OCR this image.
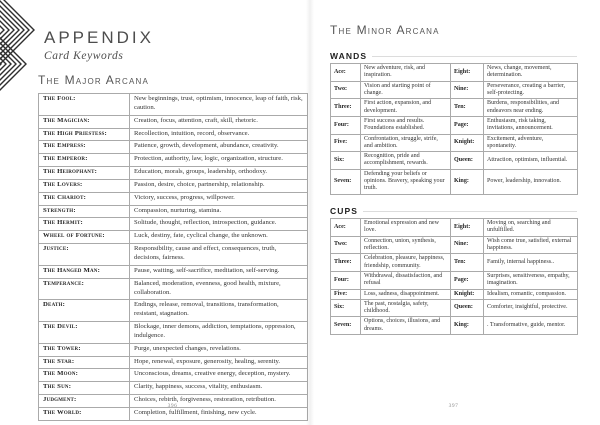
APPENDIX
Card Keywords
The Major Arcana
The Fool:	New beginnings, trust, optimism, innocence, leap of faith, risk, caution.
The Magician:	Creation, focus, attention, craft, skill, rhetoric.
The High Priestess:	Recollection, intuition, record, observance.
The Empress:	Patience, growth, development, abundance, creativity.
The Emperor:	Protection, authority, law, logic, organization, structure.
The Heirophant:	Education, morals, groups, leadership, orthodoxy.
The Lovers:	Passion, desire, choice, partnership, relationship.
The Chariot:	Victory, success, progress, willpower.
Strength:	Compassion, nurturing, stamina.
The Hermit:	Solitude, thought, reflection, introspection, guidance.
Wheel of Fortune:	Luck, destiny, fate, cyclical change, the unknown.
Justice:	Responsibility, cause and effect, consequences, truth, decisions, fairness.
The Hanged Man:	Pause, waiting, self-sacrifice, meditation, self-serving.
Temperance:	Balanced, moderation, evenness, good health, mixture, collaboration.
Death:	Endings, release, removal, transitions, transformation, resistant, stagnation.
The Devil:	Blockage, inner demons, addiction, temptations, oppression, indulgence.
The Tower:	Purge, unexpected changes, revelations.
The Star:	Hope, renewal, exposure, generosity, healing, serenity.
The Moon:	Unconscious, dreams, creative energy, deception, mystery.
The Sun:	Clarity, happiness, success, vitality, enthusiasm.
Judgment:	Choices, rebirth, forgiveness, restoration, retribution.
The World:	Completion, fulfillment, finishing, new cycle.
396
The Minor Arcana
WANDS
Ace:	New adventure, risk, and inspiration.	Eight:	News, change, movement, determination.
Two:	Vision and starting point of change.	Nine:	Perseverance, creating a barrier, self-protecting.
Three:	First action, expansion, and development.	Ten:	Burdens, responsibilities, and endeavors near ending.
Four:	First success and results. Foundations established.	Page:	Enthusiasm, risk taking, invitations, announcement.
Five:	Confrontation, struggle, strife, and ambition.	Knight:	Excitement, adventure, spontaneity.
Six:	Recognition, pride and accomplishment, rewards.	Queen:	Attraction, optimism, influential.
Seven:	Defending your beliefs or opinions. Bravery, speaking your truth.	King:	Power, leadership, innovation.
CUPS
Ace:	Emotional expression and new love.	Eight:	Moving on, searching and unfulfilled.
Two:	Connection, union, synthesis, reflection.	Nine:	Wish come true, satisfied, external happiness.
Three:	Celebration, pleasure, happiness, friendship, community.	Ten:	Family, internal happiness..
Four:	Withdrawal, dissatisfaction, and refusal	Page:	Surprises, sensitiveness, empathy, imagination.
Five:	Loss, sadness, disappointment.	Knight:	Idealism, romantic, compassion.
Six:	The past, nostalgia, safety, childhood.	Queen:	Comforter, insightful, protective.
Seven:	Options, choices, illusions, and dreams.	King:	. Transformative, guide, mentor.
397
